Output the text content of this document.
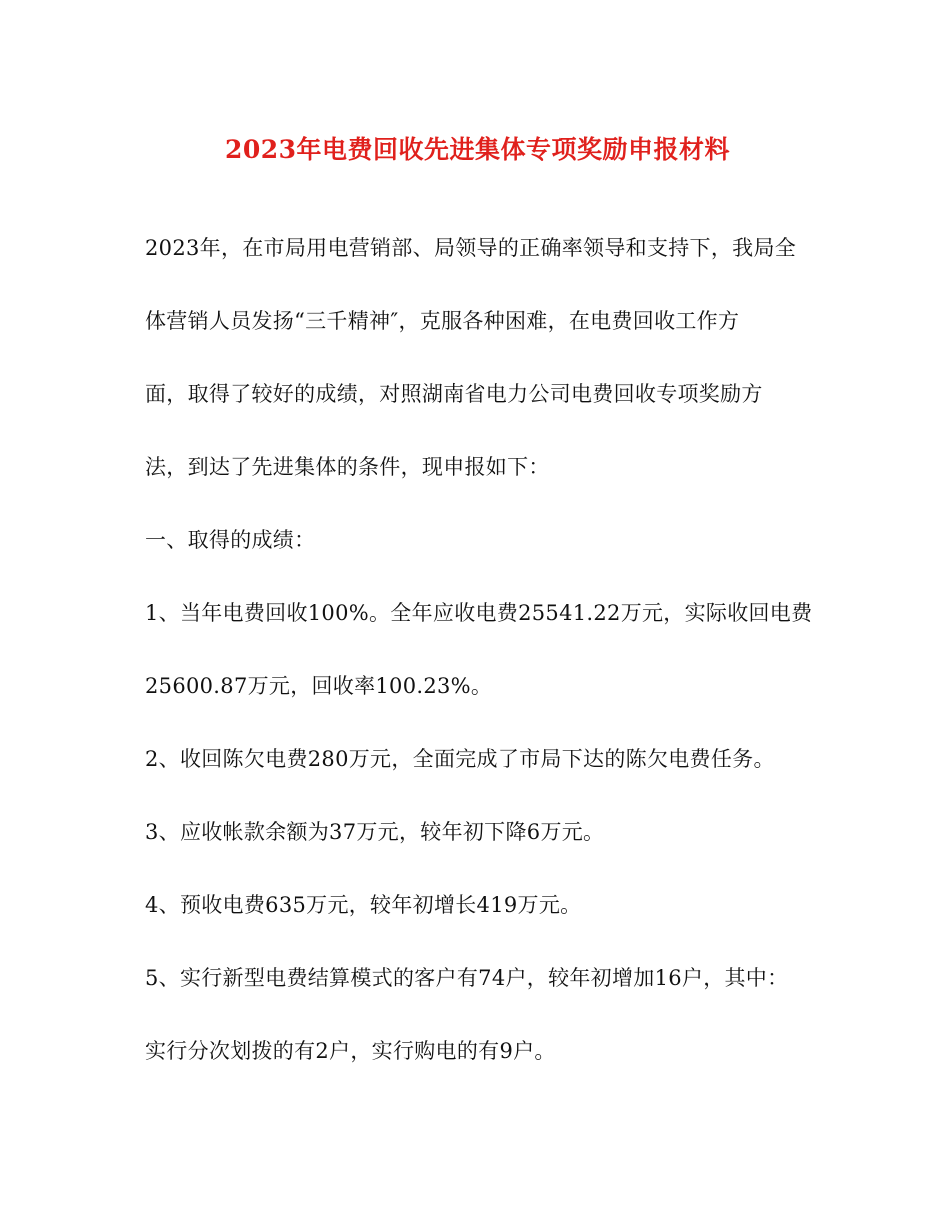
2023年电费回收先进集体专项奖励申报材料
2023年，在市局用电营销部、局领导的正确率领导和支持下，我局全
体营销人员发扬“三千精神″，克服各种困难，在电费回收工作方
面，取得了较好的成绩，对照湖南省电力公司电费回收专项奖励方
法，到达了先进集体的条件，现申报如下：
一、取得的成绩：
1、当年电费回收100%。全年应收电费25541.22万元，实际收回电费
25600.87万元，回收率100.23%。
2、收回陈欠电费280万元，全面完成了市局下达的陈欠电费任务。
3、应收帐款余额为37万元，较年初下降6万元。
4、预收电费635万元，较年初增长419万元。
5、实行新型电费结算模式的客户有74户，较年初增加16户，其中：
实行分次划拨的有2户，实行购电的有9户。
